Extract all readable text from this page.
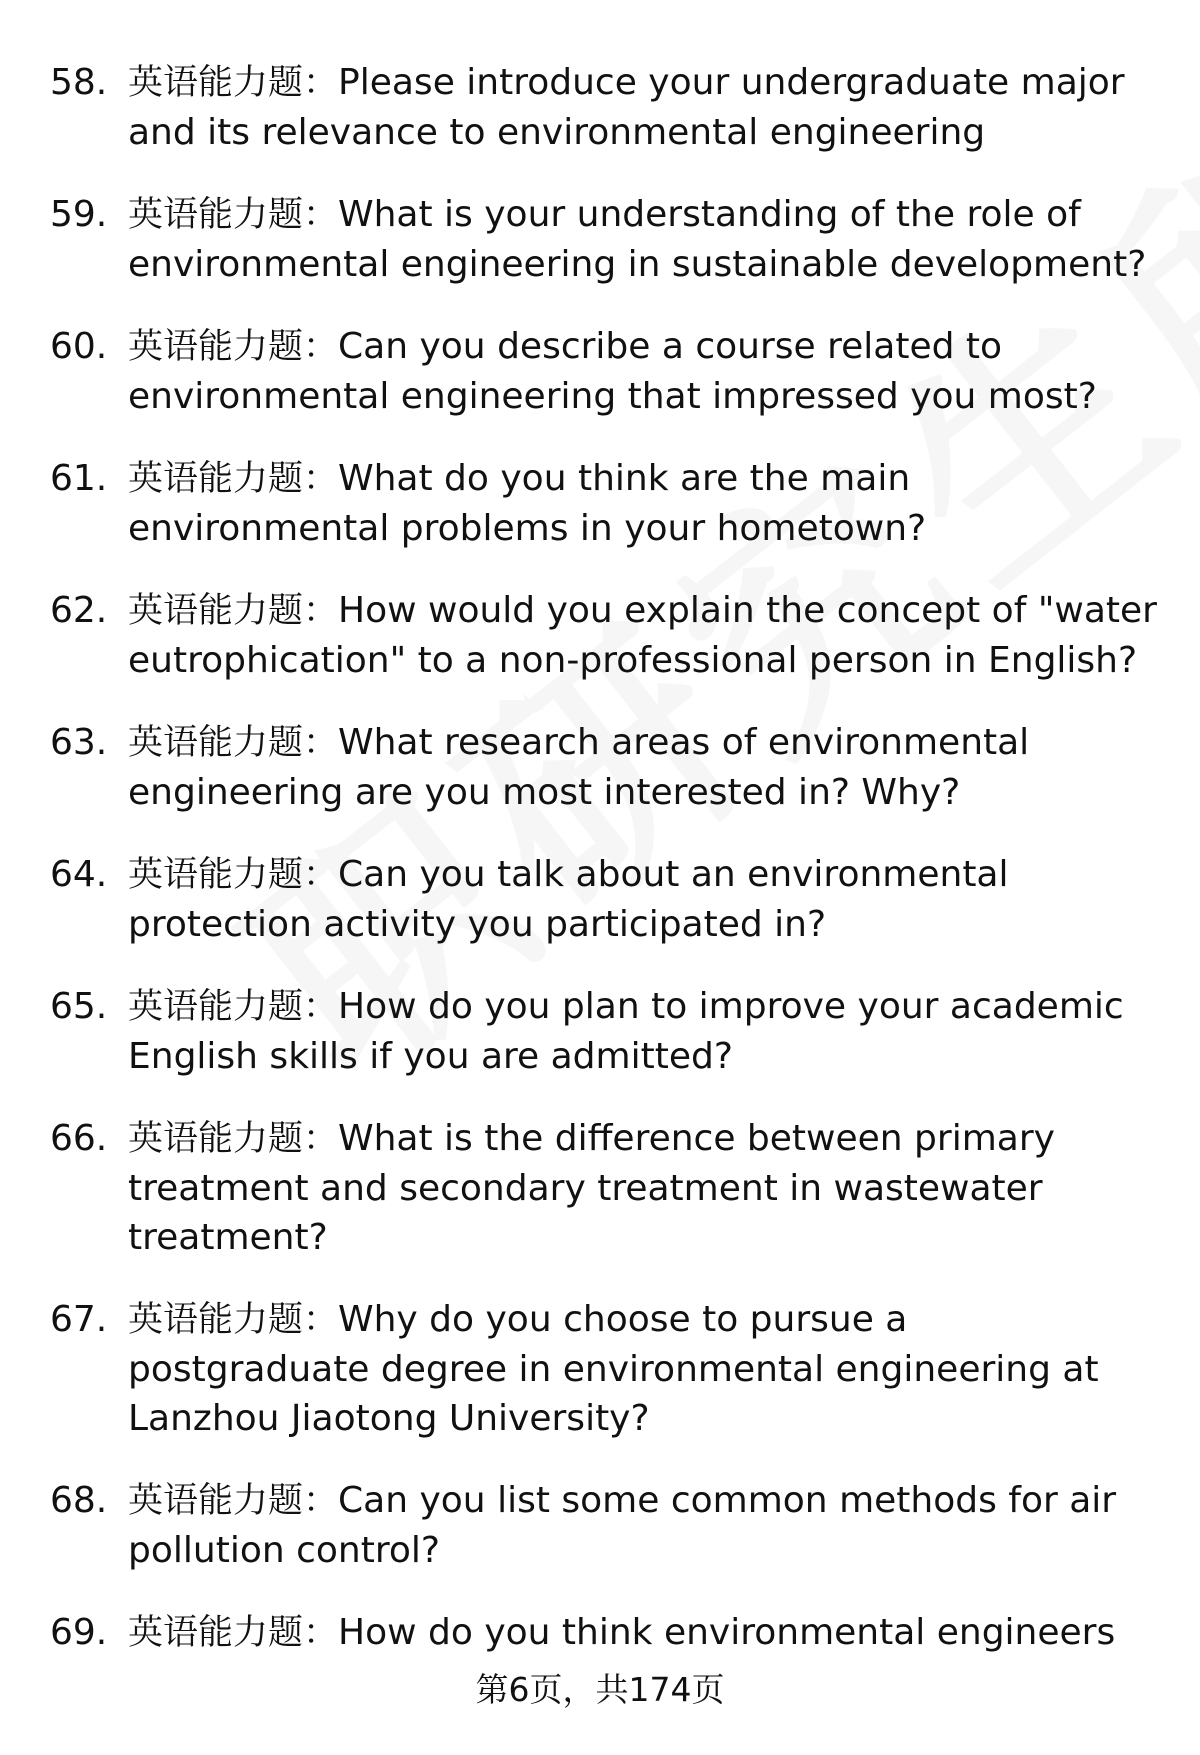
58. 英语能力题：Please introduce your undergraduate major and its relevance to environmental engineering
59. 英语能力题：What is your understanding of the role of environmental engineering in sustainable development?
60. 英语能力题：Can you describe a course related to environmental engineering that impressed you most?
61. 英语能力题：What do you think are the main environmental problems in your hometown?
62. 英语能力题：How would you explain the concept of "water eutrophication" to a non-professional person in English?
63. 英语能力题：What research areas of environmental engineering are you most interested in? Why?
64. 英语能力题：Can you talk about an environmental protection activity you participated in?
65. 英语能力题：How do you plan to improve your academic English skills if you are admitted?
66. 英语能力题：What is the difference between primary treatment and secondary treatment in wastewater treatment?
67. 英语能力题：Why do you choose to pursue a postgraduate degree in environmental engineering at Lanzhou Jiaotong University?
68. 英语能力题：Can you list some common methods for air pollution control?
69. 英语能力题：How do you think environmental engineers
第6页，共174页
